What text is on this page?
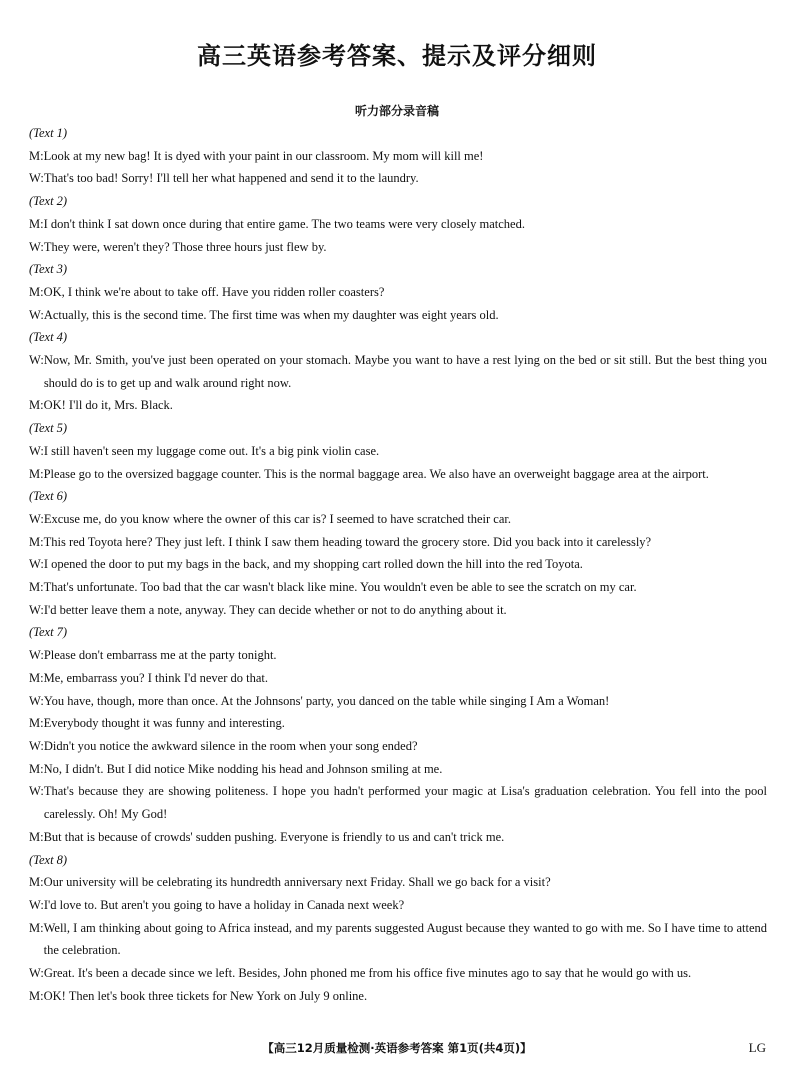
高三英语参考答案、提示及评分细则
听力部分录音稿
(Text 1)
M: Look at my new bag! It is dyed with your paint in our classroom. My mom will kill me!
W: That's too bad! Sorry! I'll tell her what happened and send it to the laundry.
(Text 2)
M: I don't think I sat down once during that entire game. The two teams were very closely matched.
W: They were, weren't they? Those three hours just flew by.
(Text 3)
M: OK, I think we're about to take off. Have you ridden roller coasters?
W: Actually, this is the second time. The first time was when my daughter was eight years old.
(Text 4)
W: Now, Mr. Smith, you've just been operated on your stomach. Maybe you want to have a rest lying on the bed or sit still. But the best thing you should do is to get up and walk around right now.
M: OK! I'll do it, Mrs. Black.
(Text 5)
W: I still haven't seen my luggage come out. It's a big pink violin case.
M: Please go to the oversized baggage counter. This is the normal baggage area. We also have an overweight baggage area at the airport.
(Text 6)
W: Excuse me, do you know where the owner of this car is? I seemed to have scratched their car.
M: This red Toyota here? They just left. I think I saw them heading toward the grocery store. Did you back into it carelessly?
W: I opened the door to put my bags in the back, and my shopping cart rolled down the hill into the red Toyota.
M: That's unfortunate. Too bad that the car wasn't black like mine. You wouldn't even be able to see the scratch on my car.
W: I'd better leave them a note, anyway. They can decide whether or not to do anything about it.
(Text 7)
W: Please don't embarrass me at the party tonight.
M: Me, embarrass you? I think I'd never do that.
W: You have, though, more than once. At the Johnsons' party, you danced on the table while singing I Am a Woman!
M: Everybody thought it was funny and interesting.
W: Didn't you notice the awkward silence in the room when your song ended?
M: No, I didn't. But I did notice Mike nodding his head and Johnson smiling at me.
W: That's because they are showing politeness. I hope you hadn't performed your magic at Lisa's graduation celebration. You fell into the pool carelessly. Oh! My God!
M: But that is because of crowds' sudden pushing. Everyone is friendly to us and can't trick me.
(Text 8)
M: Our university will be celebrating its hundredth anniversary next Friday. Shall we go back for a visit?
W: I'd love to. But aren't you going to have a holiday in Canada next week?
M: Well, I am thinking about going to Africa instead, and my parents suggested August because they wanted to go with me. So I have time to attend the celebration.
W: Great. It's been a decade since we left. Besides, John phoned me from his office five minutes ago to say that he would go with us.
M: OK! Then let's book three tickets for New York on July 9 online.
【高三12月质量检测·英语参考答案 第1页(共4页)】	LG
